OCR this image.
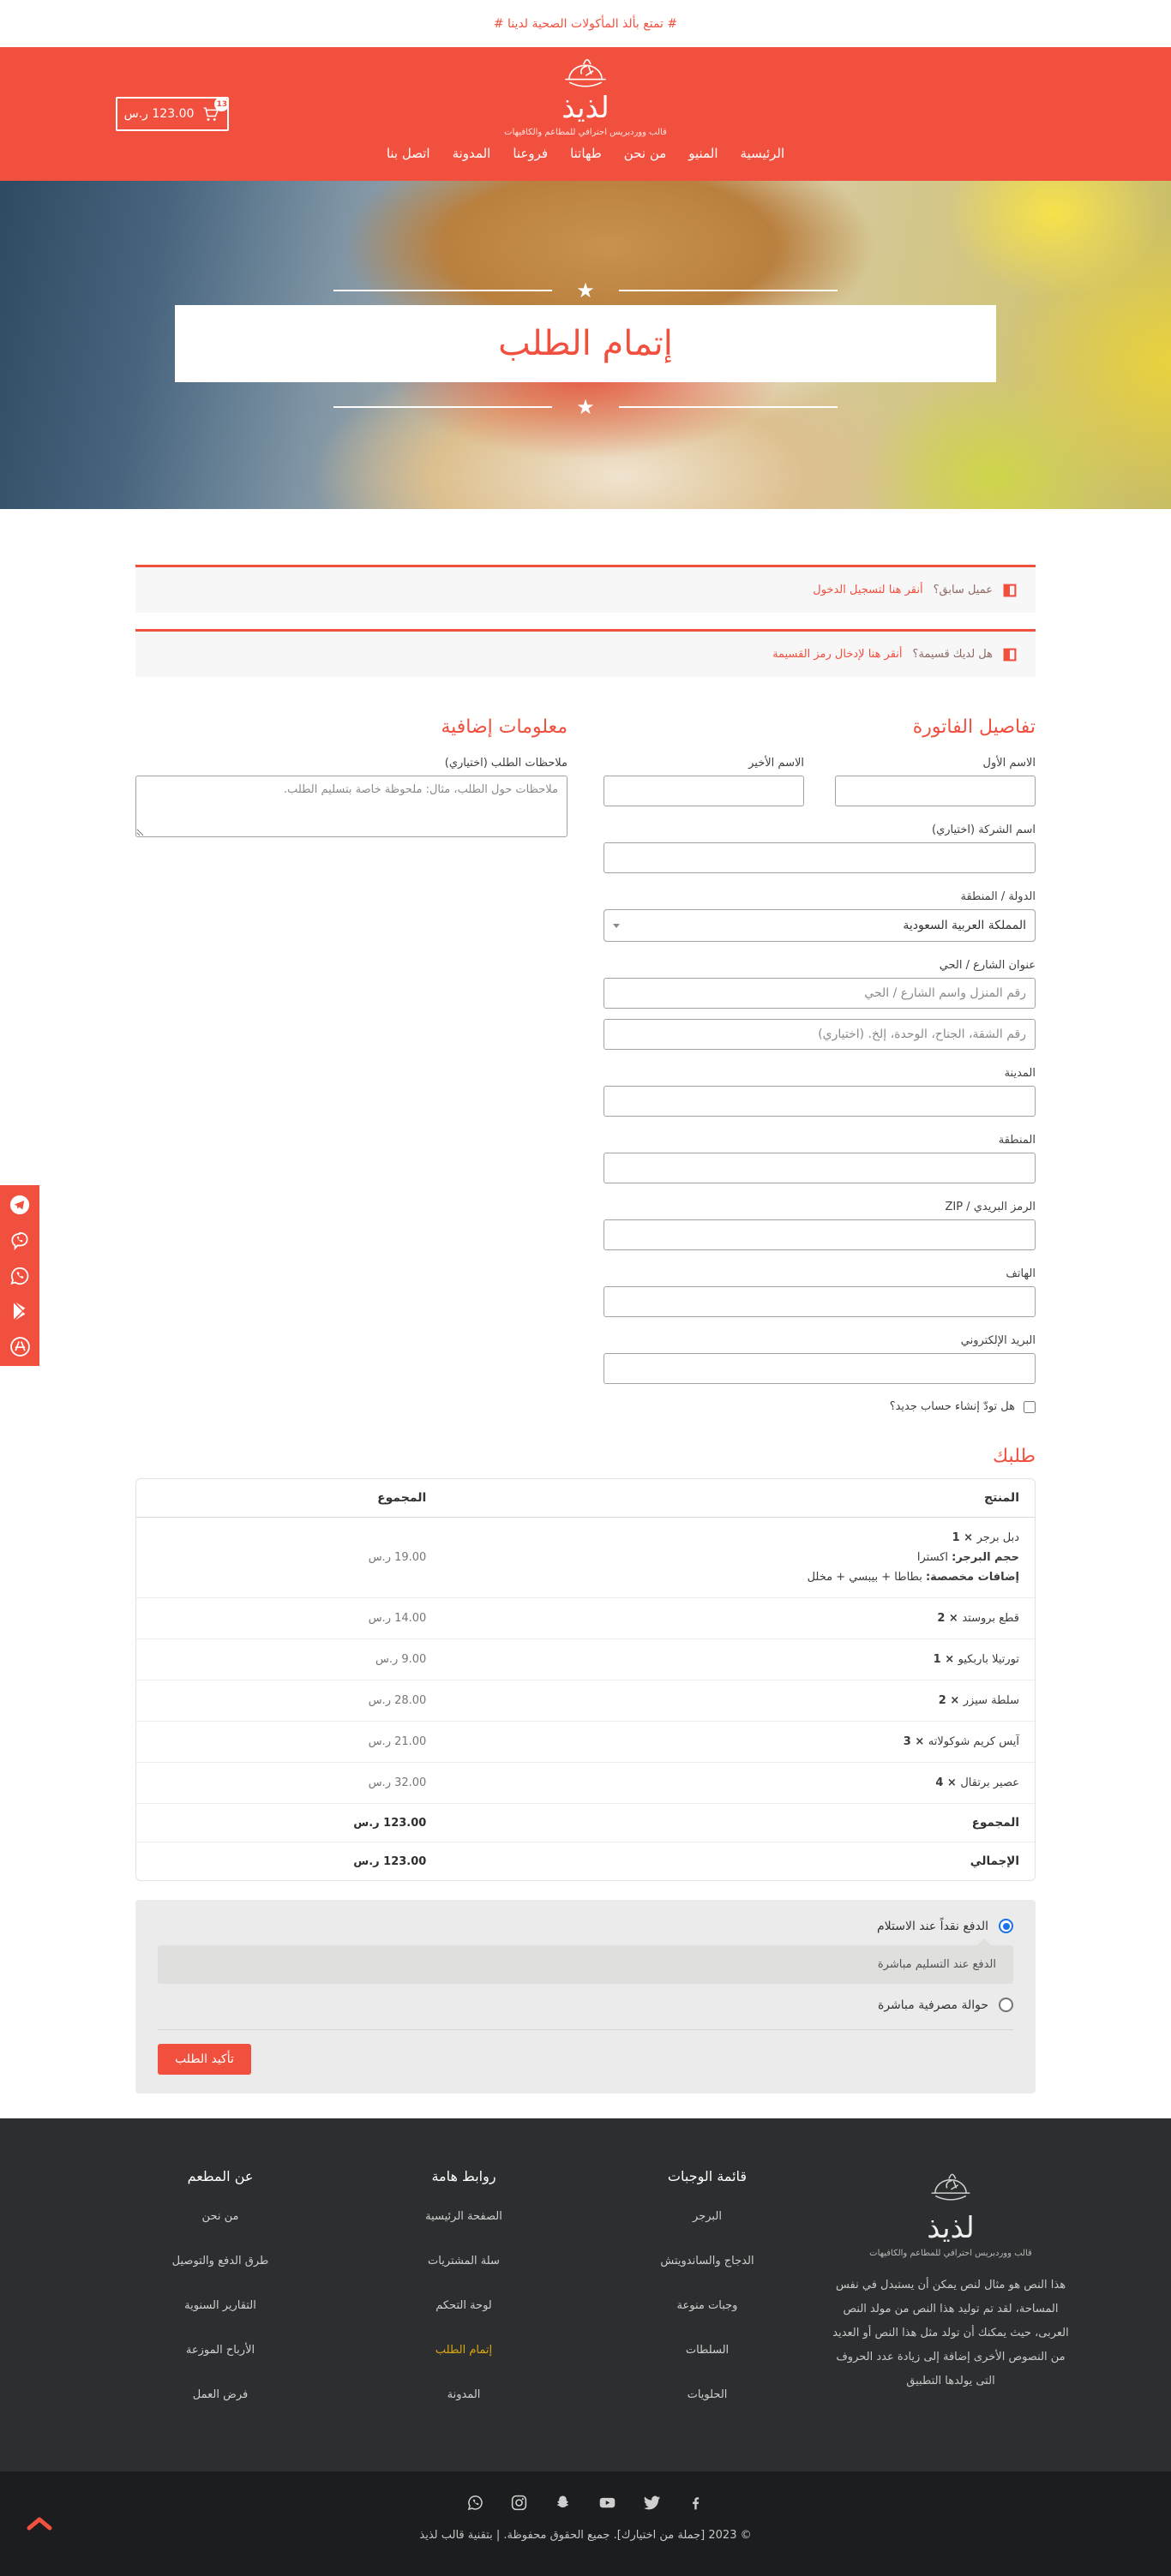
# تمتع بألذ المأكولات الصحية لدينا #

13
123.00 ر.س	لذيذ
قالب ووردبريس احترافي للمطاعم والكافيهات
الرئيسية
المنيو
من نحن
طهاتنا
فروعنا
المدونة
اتصل بنا
★
إتمام الطلب
★
عميل سابق؟
أنقر هنا لتسجيل الدخول
هل لديك قسيمة؟
أنقر هنا لإدخال رمز القسيمة
تفاصيل الفاتورة
الاسم الأول
الاسم الأخير
اسم الشركة (اختياري)
الدولة / المنطقة
المملكة العربية السعودية
عنوان الشارع / الحي
رقم المنزل واسم الشارع / الحي رقم الشقة، الجناح، الوحدة، إلخ. (اختياري)
المدينة
المنطقة
الرمز البريدي / ZIP
الهاتف
البريد الإلكتروني
هل تودّ إنشاء حساب جديد؟
معلومات إضافية
ملاحظات الطلب (اختياري)
ملاحظات حول الطلب، مثال: ملحوظة خاصة بتسليم الطلب.
طلبك
المنتج	المجموع

دبل برجر × 1
حجم البرجر: اكسترا
إضافات مخصصة: بطاطا + بيبسي + مخلل	19.00 ر.س

قطع بروستد × 2	14.00 ر.س

تورتيلا باربكيو × 1	9.00 ر.س

سلطة سيزر × 2	28.00 ر.س

آيس كريم شوكولاته × 3	21.00 ر.س

عصير برتقال × 4	32.00 ر.س
المجموع	123.00 ر.س
الإجمالي	123.00 ر.س
الدفع نقداً عند الاستلام

الدفع عند التسليم مباشرة

حوالة مصرفية مباشرة
تأكيد الطلب
لذيذ
قالب ووردبريس احترافي للمطاعم والكافيهات

هذا النص هو مثال لنص يمكن أن يستبدل في نفس المساحة، لقد تم توليد هذا النص من مولد النص العربى، حيث يمكنك أن تولد مثل هذا النص أو العديد من النصوص الأخرى إضافة إلى زيادة عدد الحروف التى يولدها التطبيق

قائمة الوجبات
البرجر
الدجاج والساندويتش
وجبات منوعة
السلطات
الحلويات
روابط هامة
الصفحة الرئيسية
سلة المشتريات
لوحة التحكم
إتمام الطلب
المدونة
عن المطعم
من نحن
طرق الدفع والتوصيل
التقارير السنوية
الأرباح الموزعة
فرض العمل

© 2023 [جملة من اختيارك]. جميع الحقوق محفوظة. | بتقنية قالب لذيذ
